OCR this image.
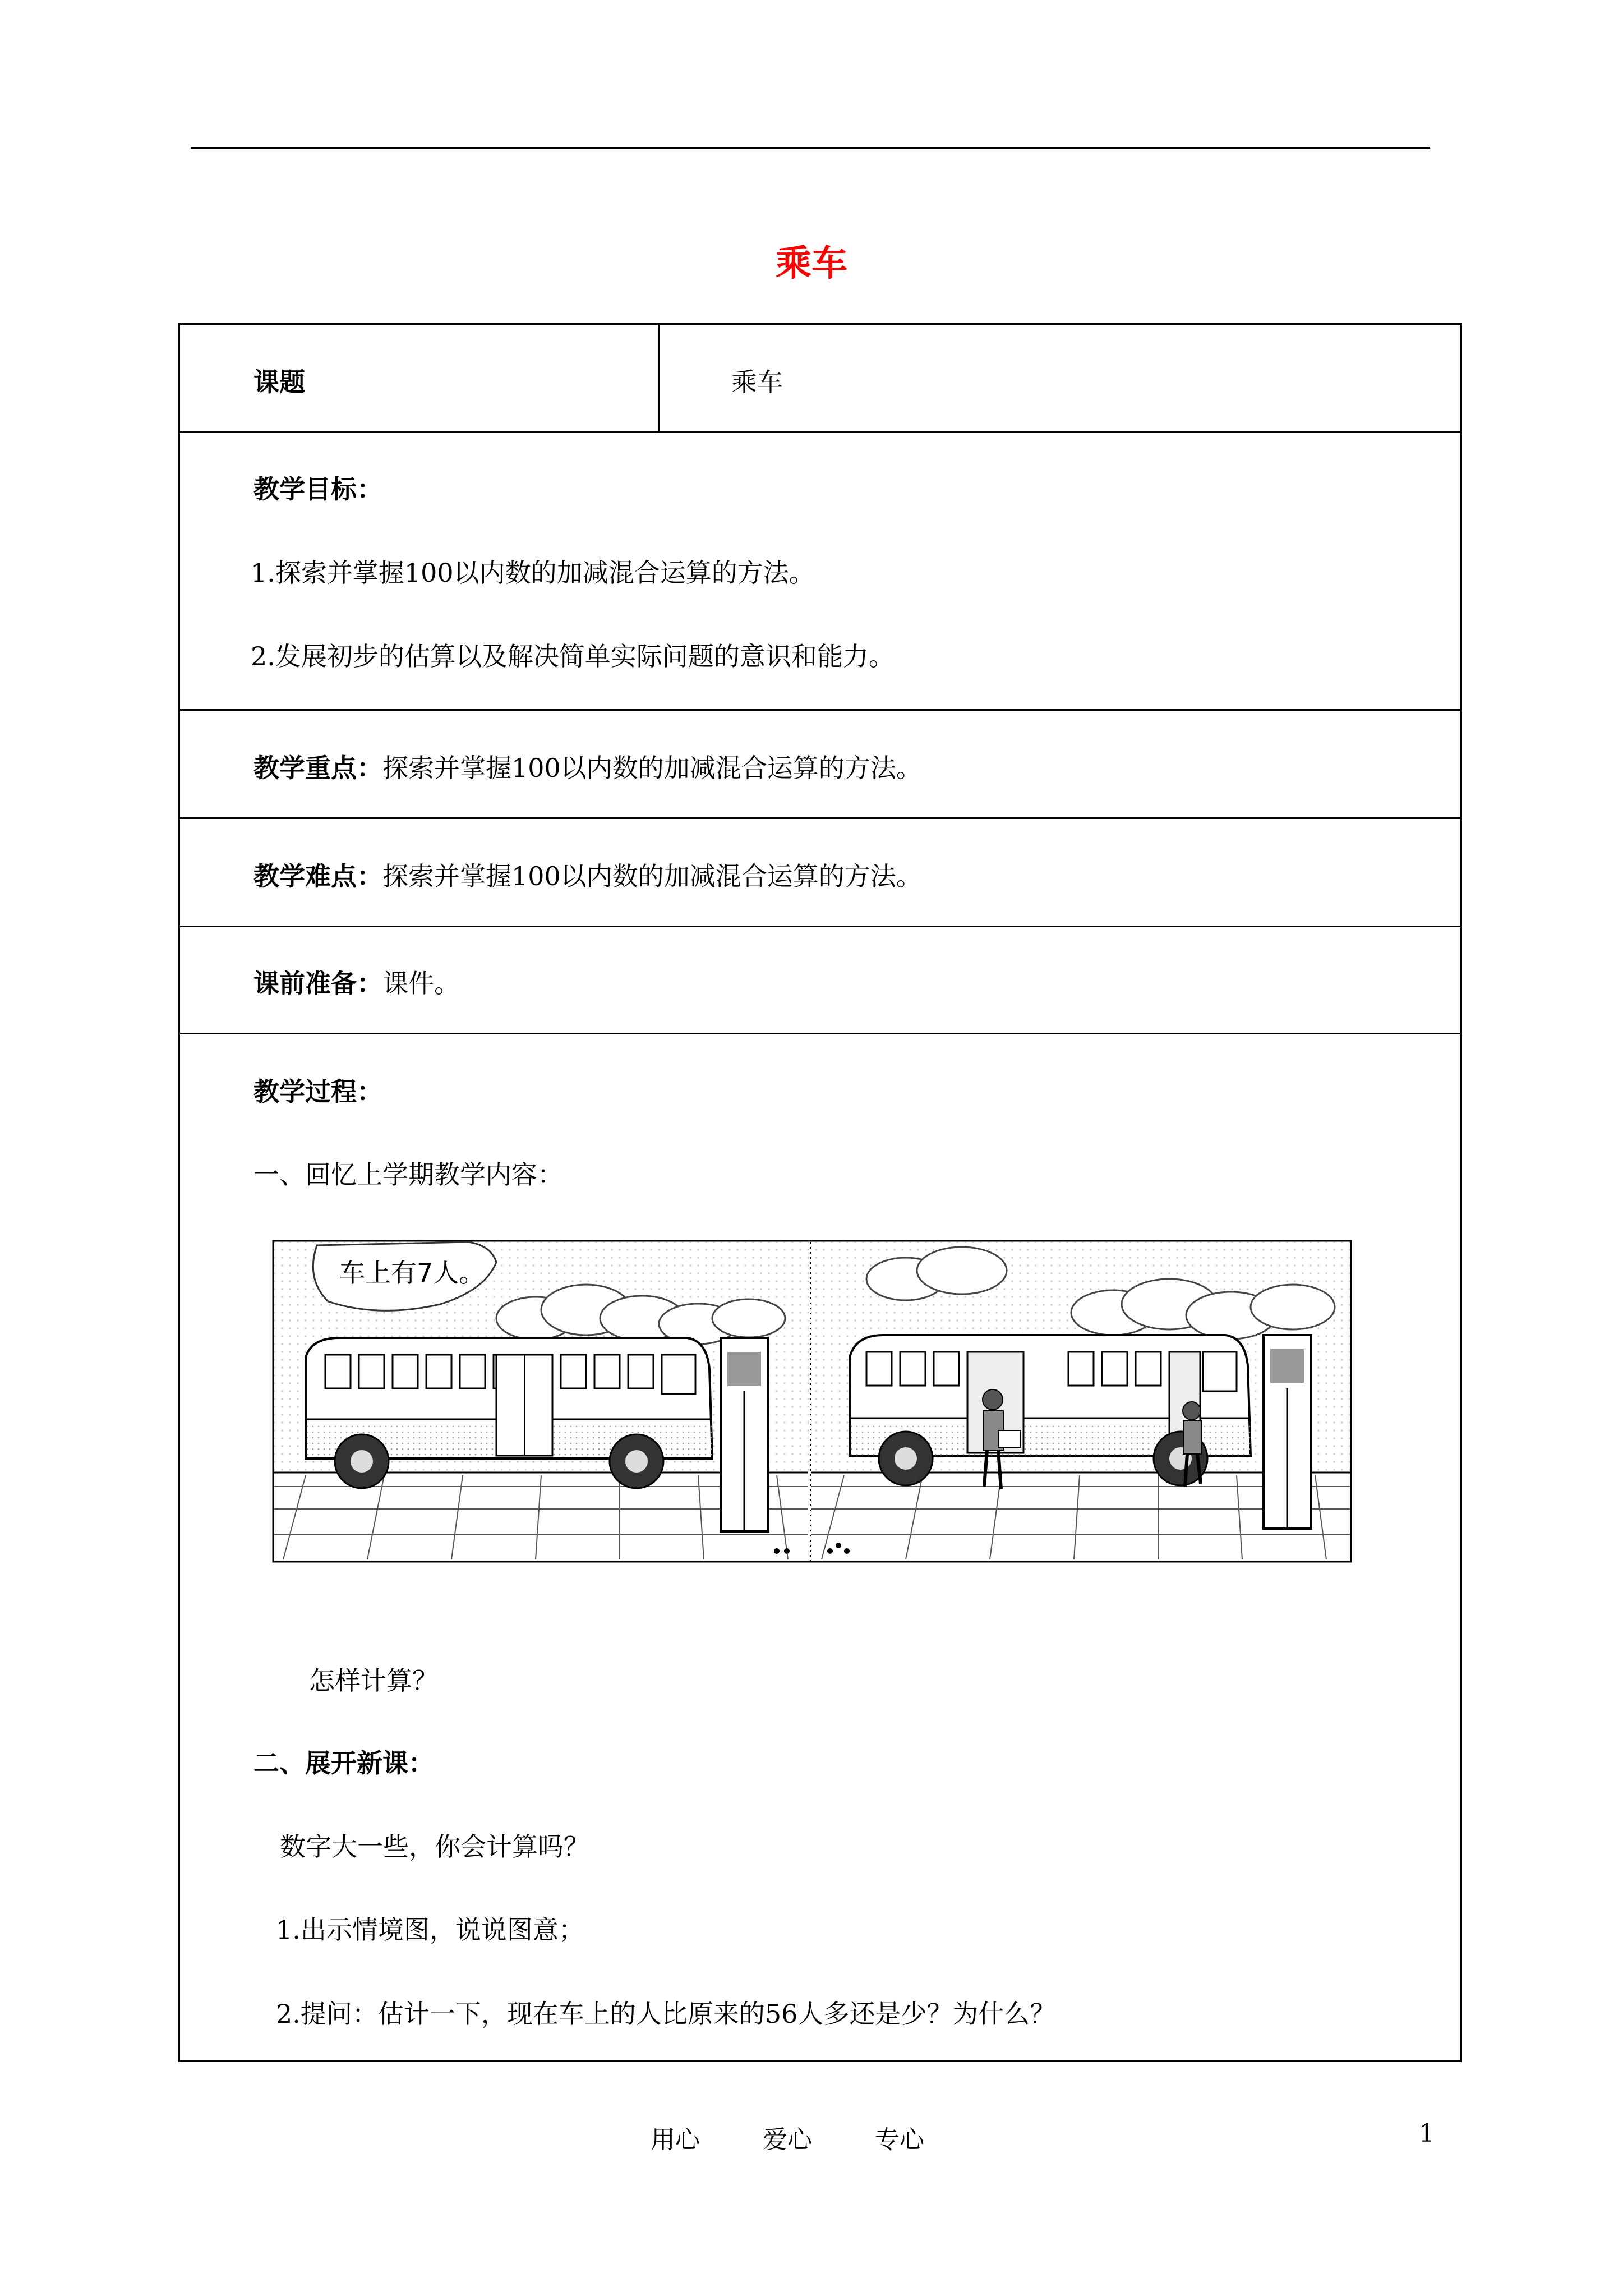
乘车
课题	乘车
教学目标：
1.探索并掌握100以内数的加减混合运算的方法。
2.发展初步的估算以及解决简单实际问题的意识和能力。
教学重点：探索并掌握100以内数的加减混合运算的方法。
教学难点：探索并掌握100以内数的加减混合运算的方法。
课前准备：课件。
教学过程：
一、回忆上学期教学内容：
怎样计算？
二、展开新课：
数字大一些，你会计算吗？
1.出示情境图，说说图意；
2.提问：估计一下，现在车上的人比原来的56人多还是少？为什么？
车上有7人。
用心	爱心	专心	1
